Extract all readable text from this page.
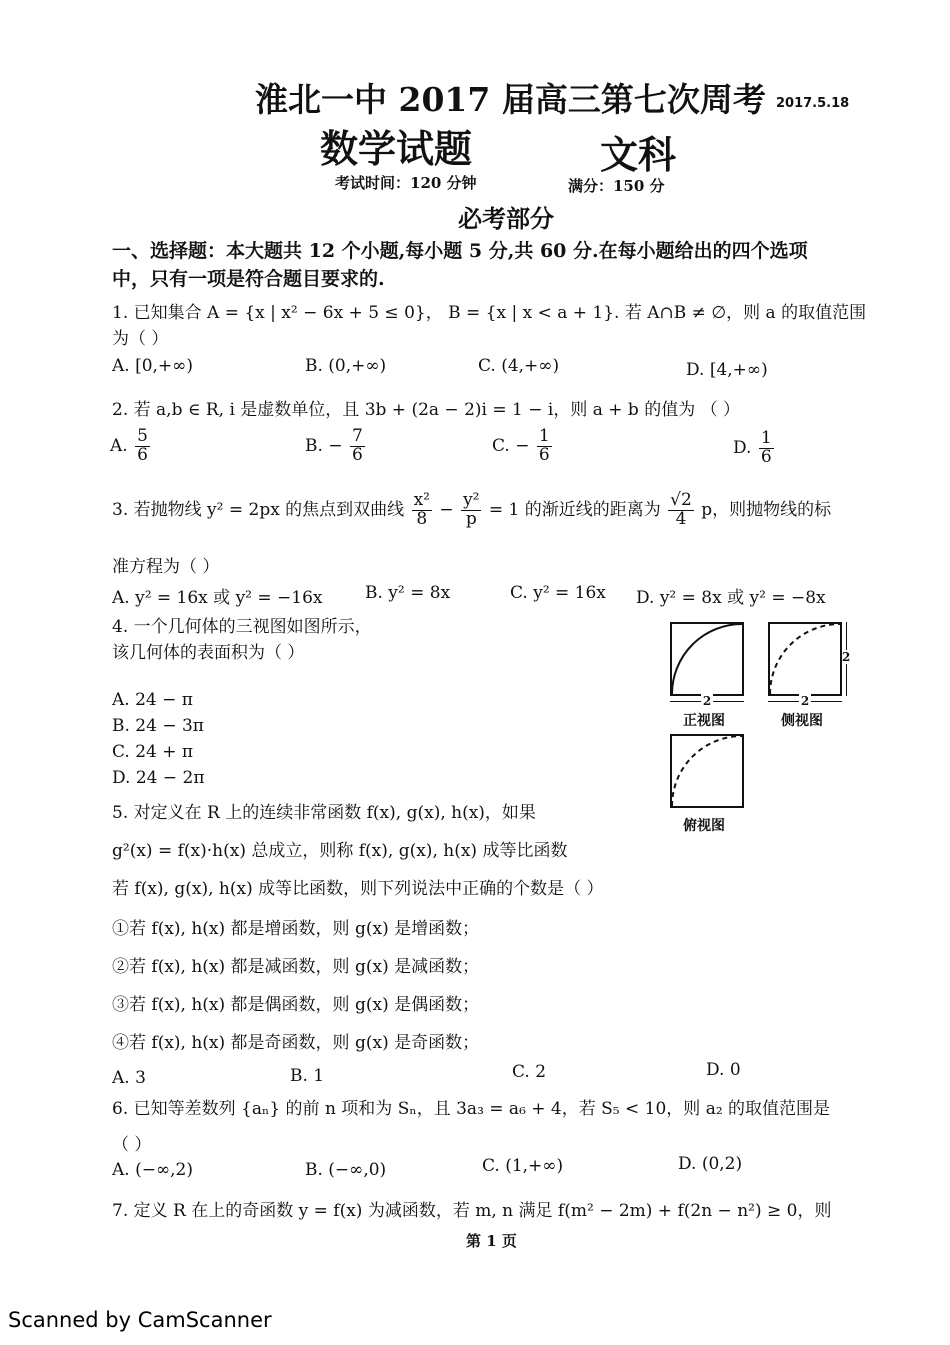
淮北一中 2017 届高三第七次周考 2017.5.18
数学试题	文科
考试时间：120 分钟	满分：150 分
必考部分
一、选择题：本大题共 12 个小题,每小题 5 分,共 60 分.在每小题给出的四个选项
中，只有一项是符合题目要求的.
1. 已知集合 A = {x | x² − 6x + 5 ≤ 0}， B = {x | x < a + 1}. 若 A∩B ≠ ∅，则 a 的取值范围
为（ ）
A. [0,+∞)	B. (0,+∞)	C. (4,+∞)	D. [4,+∞)
2. 若 a,b ∈ R, i 是虚数单位，且 3b + (2a − 2)i = 1 − i，则 a + b 的值为 （ ）
A. $\frac{5}{6}$	B. − $\frac{7}{6}$	C. − $\frac{1}{6}$	D. $\frac{1}{6}$
3. 若抛物线 y² = 2px 的焦点到双曲线 $\frac{\text{x²}}{8} - \frac{\text{y²}}{p} = 1$ 的渐近线的距离为 $\frac{√2}{4}$ p，则抛物线的标
准方程为（ ）
A. y² = 16x 或 y² = −16x B. y² = 8x	C. y² = 16x D. y² = 8x 或 y² = −8x
4. 一个几何体的三视图如图所示，
该几何体的表面积为（ ）
A. 24 − π
B. 24 − 3π
C. 24 + π
D. 24 − 2π
2
正视图
2
2
侧视图
俯视图
5. 对定义在 R 上的连续非常函数 f(x), g(x), h(x)，如果
g²(x) = f(x)·h(x) 总成立，则称 f(x), g(x), h(x) 成等比函数
若 f(x), g(x), h(x) 成等比函数，则下列说法中正确的个数是（ ）
①若 f(x), h(x) 都是增函数，则 g(x) 是增函数；
②若 f(x), h(x) 都是减函数，则 g(x) 是减函数；
③若 f(x), h(x) 都是偶函数，则 g(x) 是偶函数；
④若 f(x), h(x) 都是奇函数，则 g(x) 是奇函数；
A. 3	B. 1	C. 2	D. 0
6. 已知等差数列 {aₙ} 的前 n 项和为 Sₙ，且 3a₃ = a₆ + 4，若 S₅ < 10，则 a₂ 的取值范围是
（ ）
A. (−∞,2)	B. (−∞,0)	C. (1,+∞)	D. (0,2)
7. 定义 R 在上的奇函数 y = f(x) 为减函数，若 m, n 满足 f(m² − 2m) + f(2n − n²) ≥ 0，则
第 1 页
Scanned by CamScanner
